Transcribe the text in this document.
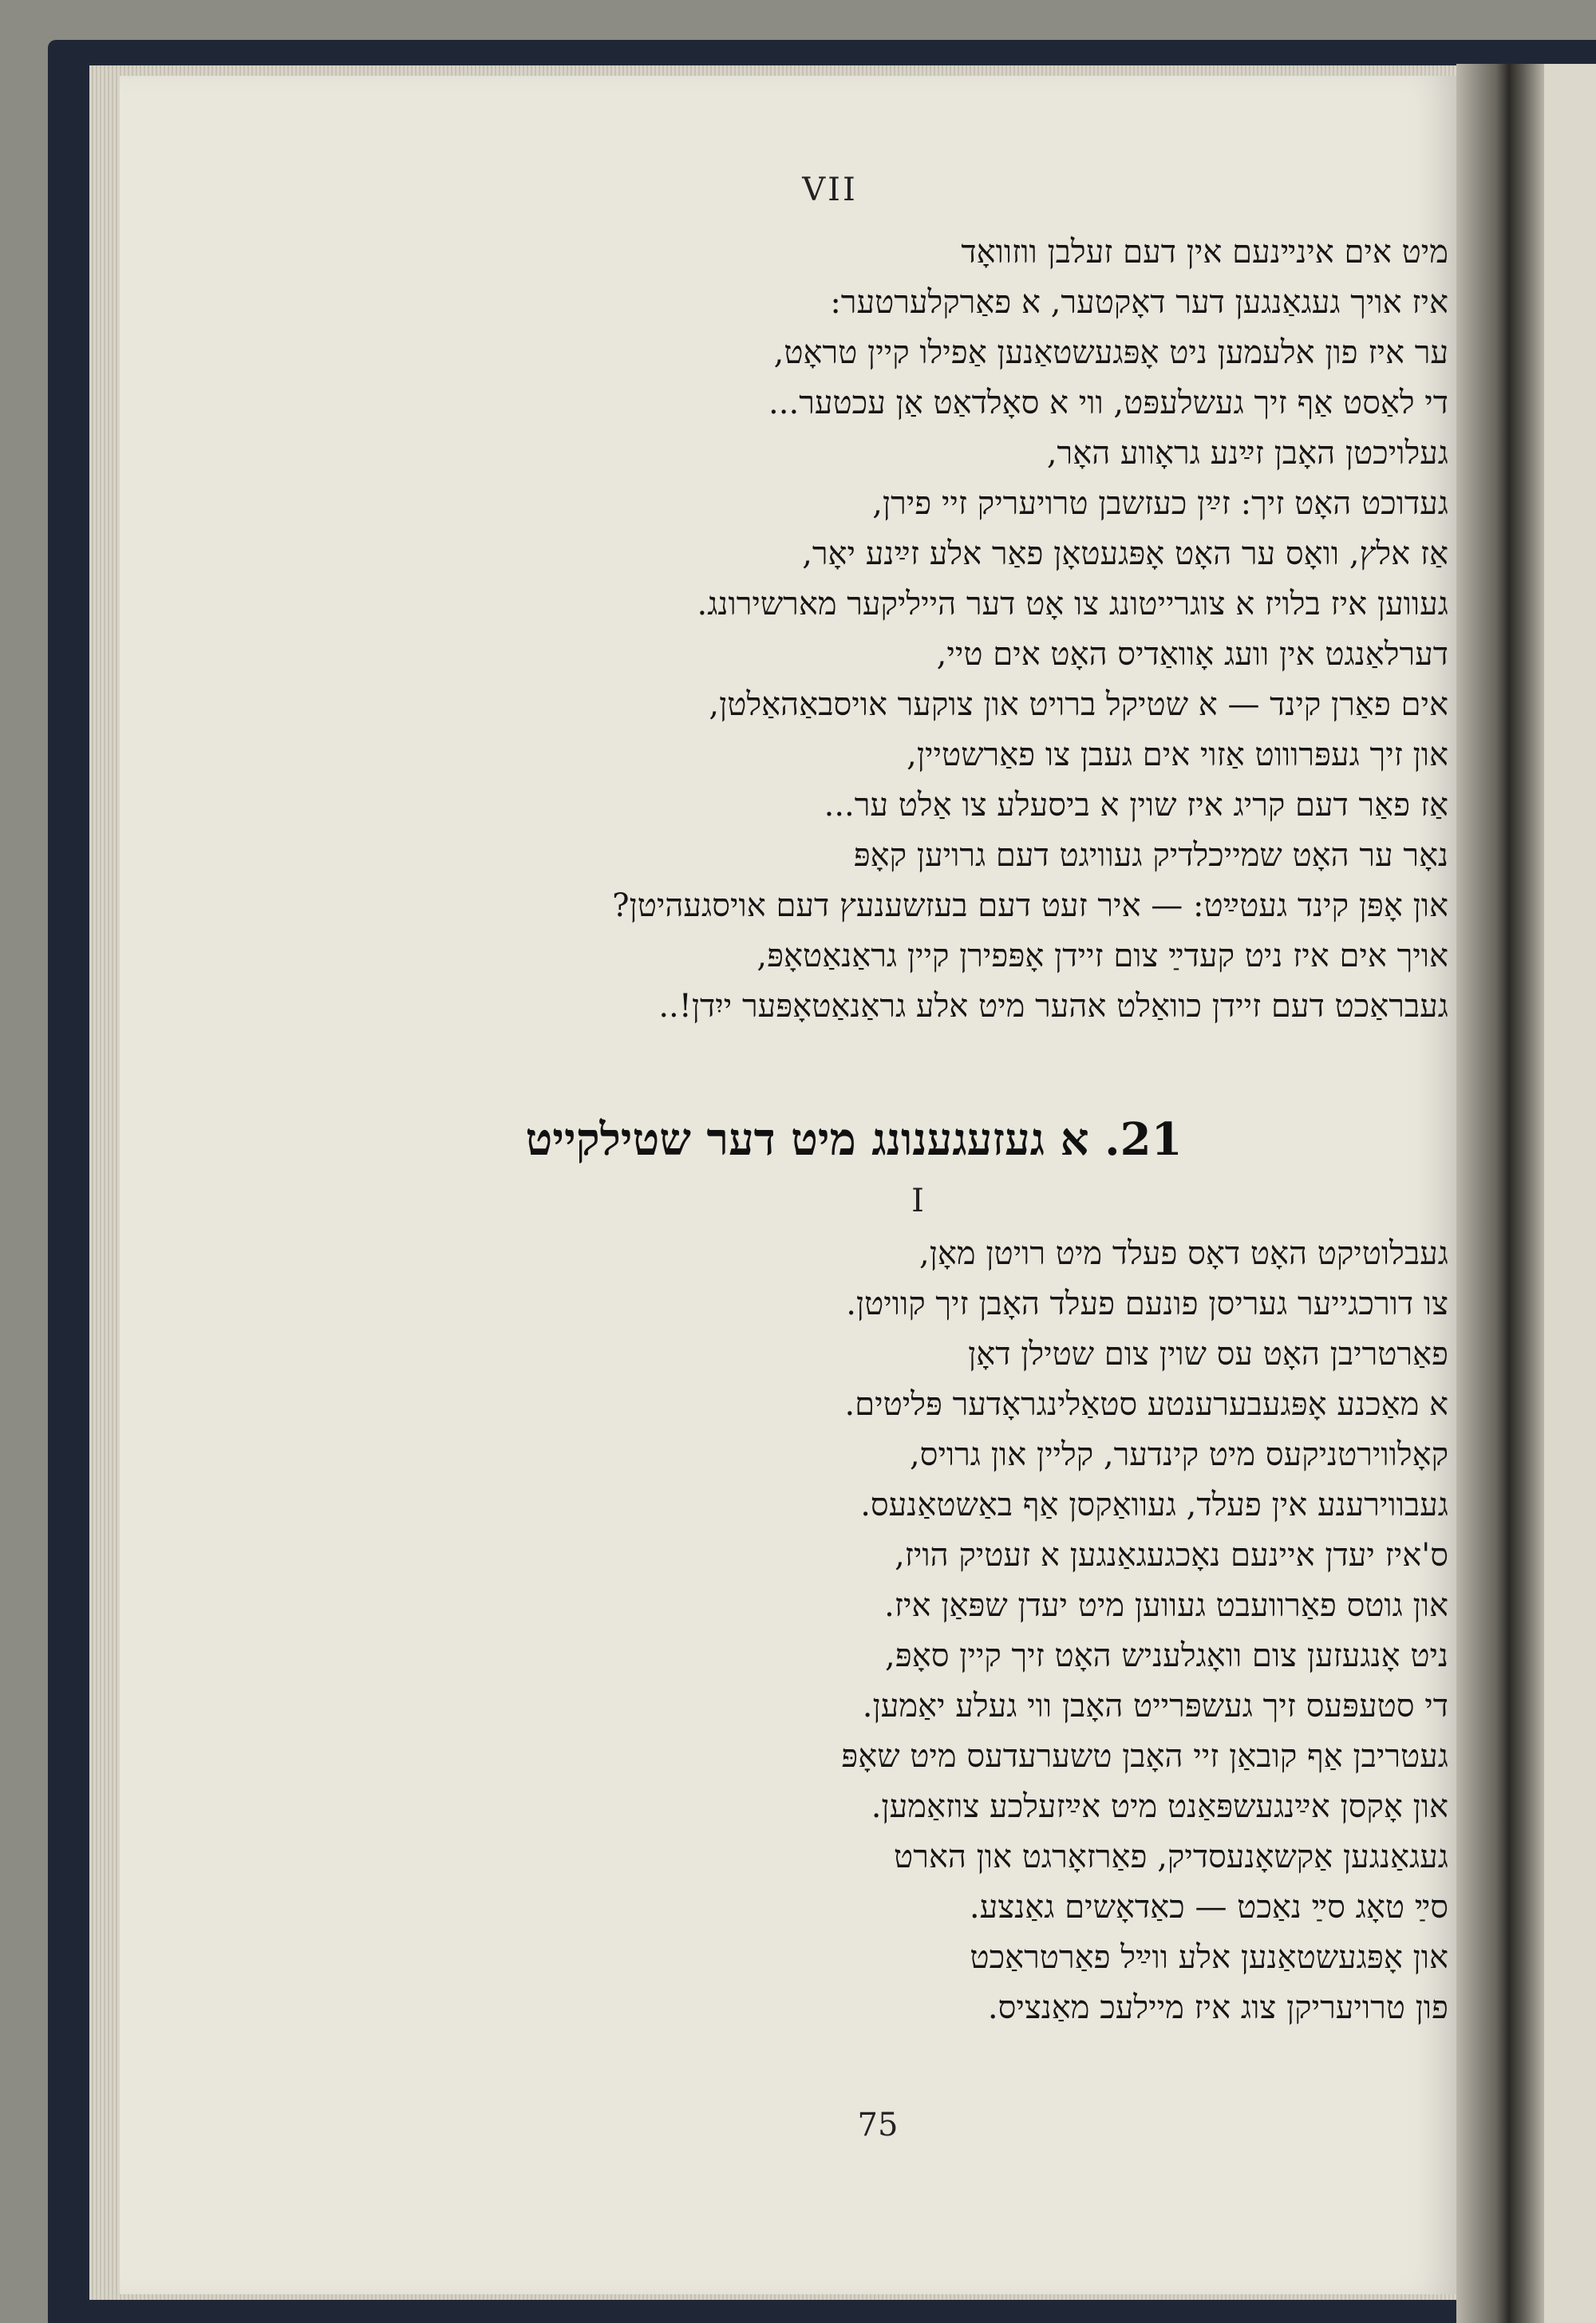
VII
מיט אים אינײנעם אין דעם זעלבן ווזוואָד
איז אויך געגאַנגען דער דאָקטער, א פאַרקלערטער:
ער איז פון אלעמען ניט אָפּגעשטאַנען אַפילו קיין טראָט,
די לאַסט אַף זיך געשלעפּט, ווי א סאָלדאַט אַן עכטער...
געלויכטן האָבן זײַנע גראָווע האָר,
געדוכט האָט זיך: זײַן כעזשבן טרויעריק זיי פירן,
אַז אלץ, וואָס ער האָט אָפּגעטאָן פאַר אלע זײַנע יאָר,
געווען איז בלויז א צוגרייטונג צו אָט דער הייליקער מארשירונג.
דערלאַנגט אין וועג אָוואַדיס האָט אים טיי,
אים פאַרן קינד — א שטיקל ברויט און צוקער אויסבאַהאַלטן,
און זיך געפּרוווט אַזוי אים געבן צו פאַרשטיין,
אַז פאַר דעם קריג איז שוין א ביסעלע צו אַלט ער...
נאָר ער האָט שמייכלדיק געוויגט דעם גרויען קאָפּ
און אָפּן קינד געטײַט: — איר זעט דעם בעזשענעץ דעם אויסגעהיטן?
אויך אים איז ניט קעדײַ צום זיידן אָפּפירן קיין גראַנאַטאָפּ,
געבראַכט דעם זיידן כוואַלט אהער מיט אלע גראַנאַטאָפּער ייִדן!..
21. א געזעגענונג מיט דער שטילקייט
I
געבלוטיקט האָט דאָס פעלד מיט רויטן מאָן,
צו דורכגייער געריסן פונעם פעלד האָבן זיך קוויטן.
פאַרטריבן האָט עס שוין צום שטילן דאָן
א מאַכנע אָפּגעבערענטע סטאַלינגראָדער פּליטים.
קאָלווירטניקעס מיט קינדער, קליין און גרויס,
געבווירענע אין פעלד, געוואַקסן אַף באַשטאַנעס.
ס'איז יעדן איינעם נאָכגעגאַנגען א זעטיק הויז,
און גוטס פאַרוועבט געווען מיט יעדן שפּאַן איז.
ניט אָנגעזען צום וואָגלעניש האָט זיך קיין סאָפּ,
די סטעפּעס זיך געשפּרייט האָבן ווי געלע יאַמען.
געטריבן אַף קובאַן זיי האָבן טשערעדעס מיט שאָפּ
און אָקסן אײַנגעשפּאַנט מיט אײַזעלכע צוזאַמען.
געגאַנגען אַקשאָנעסדיק, פאַרזאָרגט און הארט
סײַ טאָג סײַ נאַכט — כאַדאָשים גאַנצע.
און אָפּגעשטאַנען אלע ווײַל פאַרטראַכט
פון טרויעריקן צוג איז מיילעכ מאַנציס.
75
